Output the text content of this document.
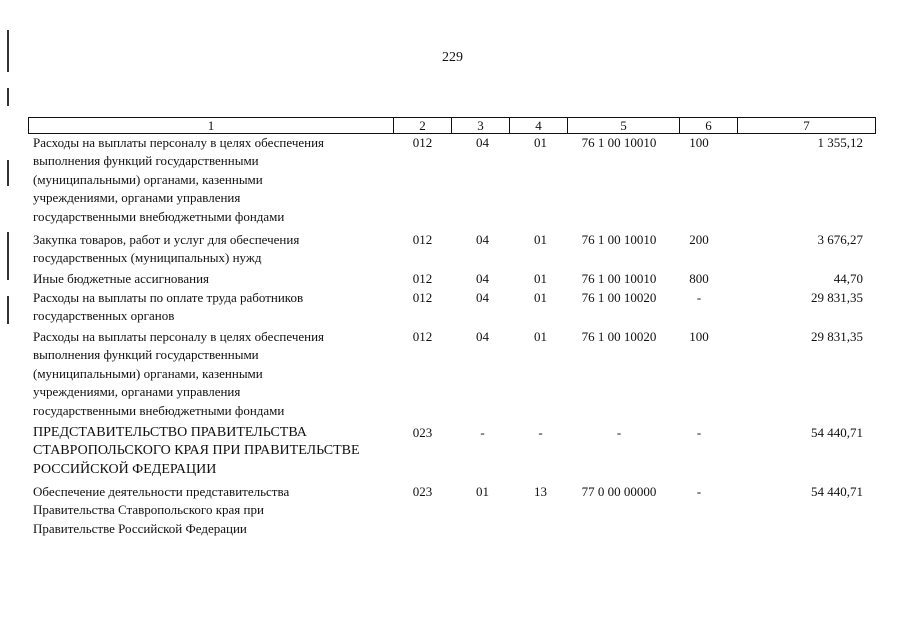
229
1	2	3	4	5	6	7
Расходы на выплаты персоналу в целях обеспечения
выполнения функций государственными
(муниципальными) органами, казенными
учреждениями, органами управления
государственными внебюджетными фондами
012	04	01	76 1 00 10010	100	1 355,12
Закупка товаров, работ и услуг для обеспечения
государственных (муниципальных) нужд
012	04	01	76 1 00 10010	200	3 676,27
Иные бюджетные ассигнования	012	04	01	76 1 00 10010	800	44,70
Расходы на выплаты по оплате труда работников
государственных органов
012	04	01	76 1 00 10020	-	29 831,35
Расходы на выплаты персоналу в целях обеспечения
выполнения функций государственными
(муниципальными) органами, казенными
учреждениями, органами управления
государственными внебюджетными фондами
012	04	01	76 1 00 10020	100	29 831,35
ПРЕДСТАВИТЕЛЬСТВО ПРАВИТЕЛЬСТВА
СТАВРОПОЛЬСКОГО КРАЯ ПРИ ПРАВИТЕЛЬСТВЕ
РОССИЙСКОЙ ФЕДЕРАЦИИ
023	-	-	-	-	54 440,71
Обеспечение деятельности представительства
Правительства Ставропольского края при
Правительстве Российской Федерации
023	01	13	77 0 00 00000	-	54 440,71
